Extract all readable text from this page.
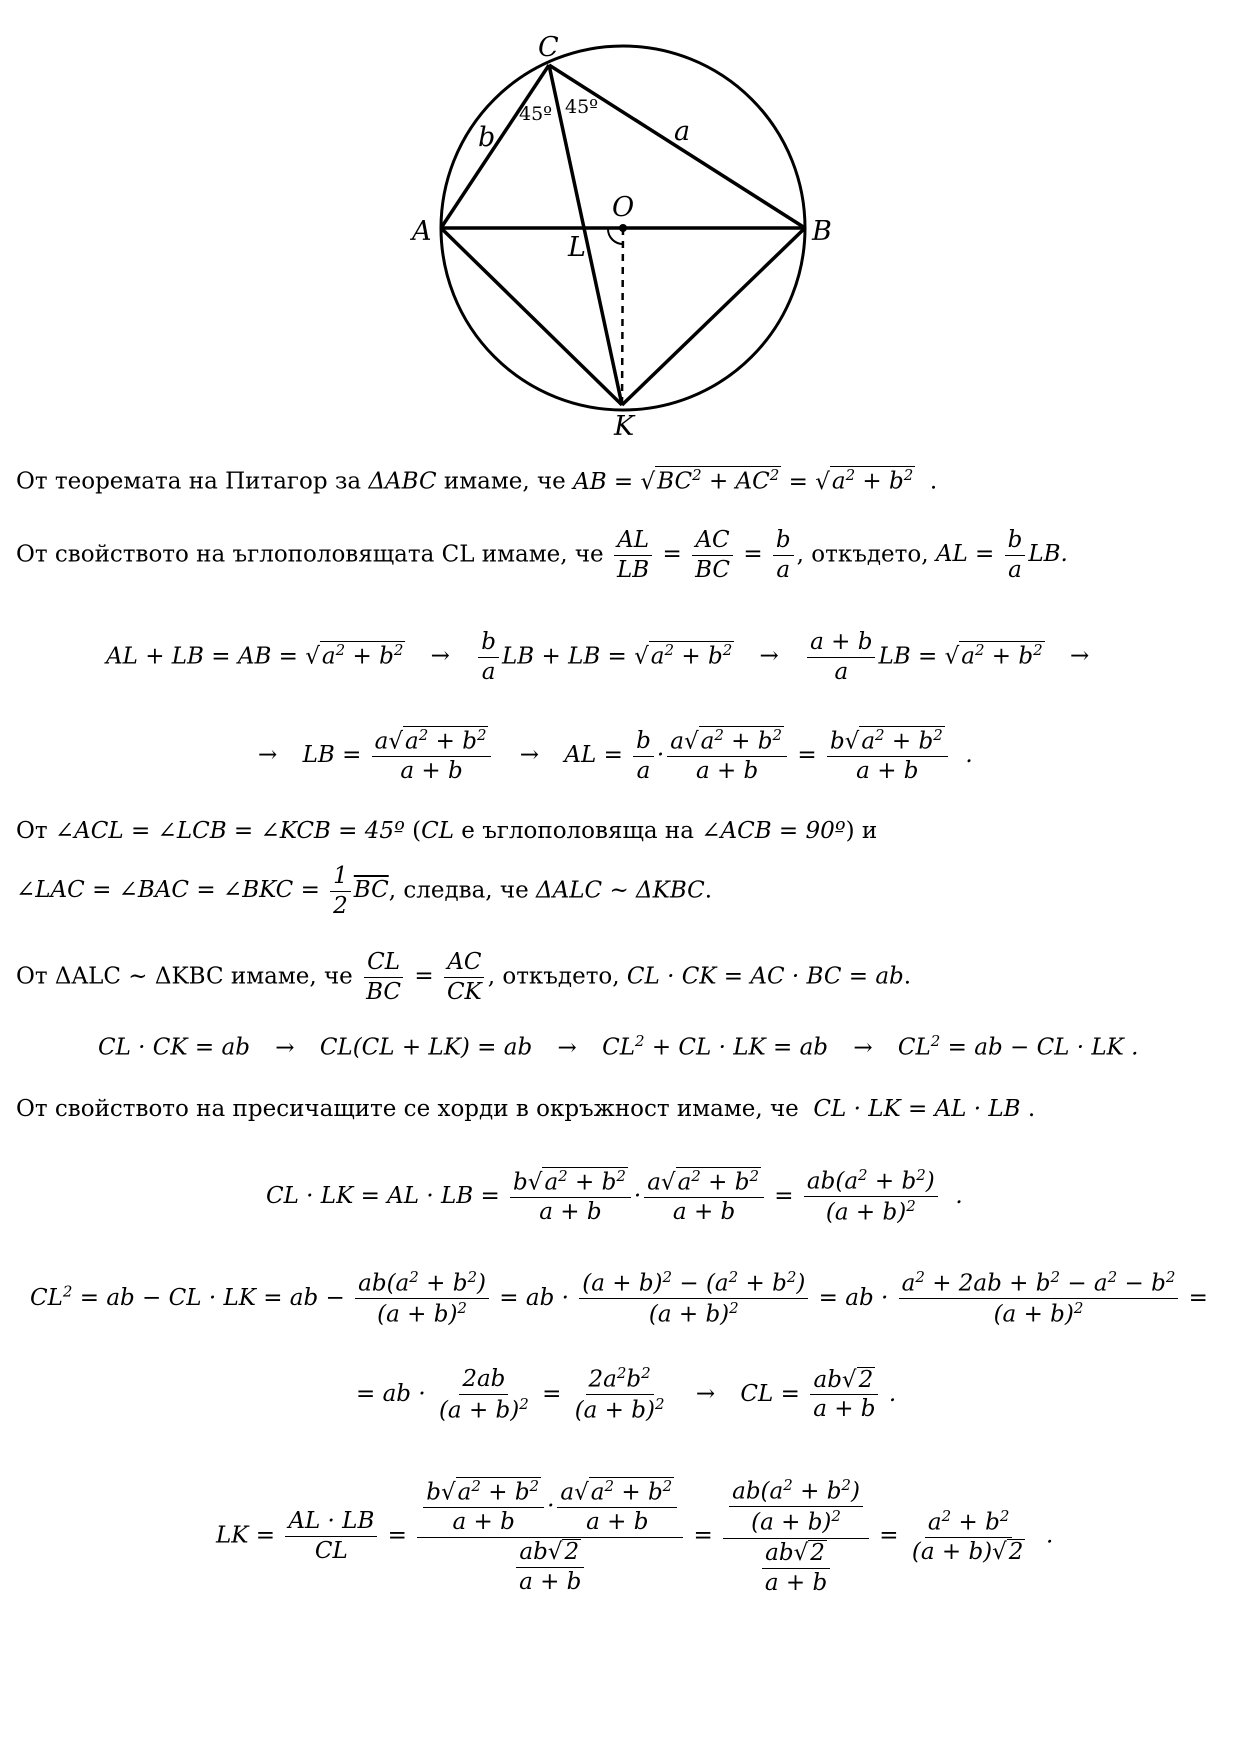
C
A	B
O
L
K
b	a
45º 45º
От теоремата на Питагор за ΔABC имаме, че AB = $√BC^2 + AC^2 = √a^2 + b^2$  .
От свойството на ъглополовящата CL имаме, че $\frac{AL}{LB} = \frac{AC}{BC} = \frac{b}{a}$ , откъдето, AL = $\frac{b}{a}$ LB.
AL + LB = AB = $√a^2 + b^2 \to \frac{b}{a}$ LB + LB = $√a^2 + b^2 \to \frac{a + b}{a}$ LB = $√a^2 + b^2$ →
→ LB = $\frac{a√a^2 + b^2}{a + b}$ → AL = $\frac{b}{a} \cdot \frac{a√a^2 + b^2}{a + b} = \frac{b√a^2 + b^2}{a + b}$ .
От ∠ACL = ∠LCB = ∠KCB = 45º (CL е ъглополовяща на ∠ACB = 90º) и
∠LAC = ∠BAC = ∠BKC = $\frac{1}{2} \overline{BC}$, следва, че ΔALC ~ ΔKBC.
От ΔALC ~ ΔKBC имаме, че $\frac{CL}{BC} = \frac{AC}{CK}$ , откъдето, CL · CK = AC · BC = ab.
CL · CK = ab → CL(CL + LK) = ab → $CL^2$ + CL · LK = ab → $CL^2$ = ab − CL · LK .
От свойството на пресичащите се хорди в окръжност имаме, че  CL · LK = AL · LB .
CL · LK = AL · LB = $\frac{b√a^2 + b^2}{a + b} \cdot \frac{a√a^2 + b^2}{a + b} = \frac{ab(a^2 + b^2)}{(a + b)^2}$ .
$CL^2$ = ab − CL · LK = ab − $\frac{ab(a^2 + b^2)}{(a + b)^2}$ = ab · $\frac{(a + b)^2 - (a^2 + b^2)}{(a + b)^2}$ = ab · $\frac{a^2 + 2ab + b^2 - a^2 - b^2}{(a + b)^2}$ =
= ab · $\frac{2ab}{(a + b)^2} = \frac{2a^2b^2}{(a + b)^2}$ → CL = $\frac{ab√2}{a + b}$ .
LK = $\frac{AL \cdot LB}{CL} = \frac{\frac{b√a^2 + b^2}{a + b} \cdot \frac{a√a^2 + b^2}{a + b}}{\frac{ab√2}{a + b}} = \frac{\frac{ab(a^2 + b^2)}{(a + b)^2}}{\frac{ab√2}{a + b}} = \frac{a^2 + b^2}{(a + b)√2}$ .
